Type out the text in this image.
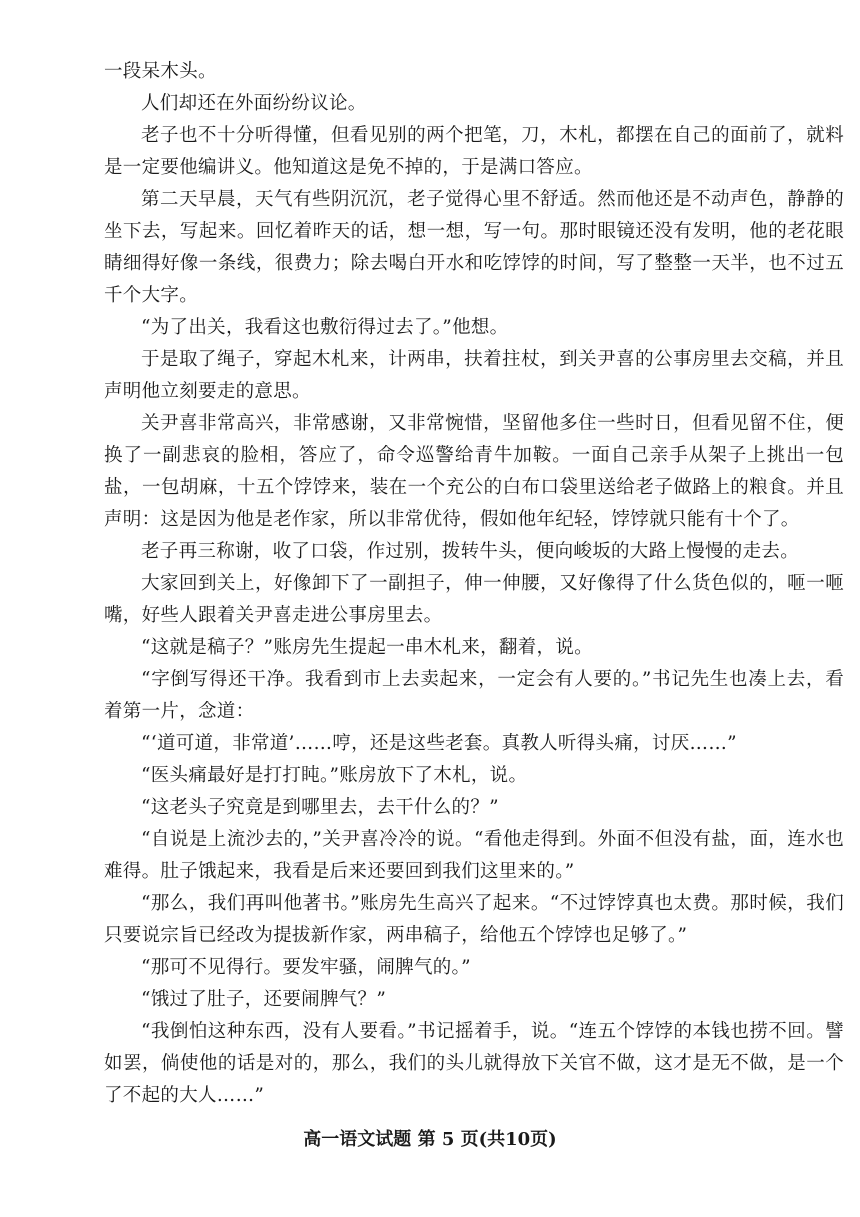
一段呆木头。

人们却还在外面纷纷议论。

老子也不十分听得懂，但看见别的两个把笔，刀，木札，都摆在自己的面前了，就料是一定要他编讲义。他知道这是免不掉的，于是满口答应。

第二天早晨，天气有些阴沉沉，老子觉得心里不舒适。然而他还是不动声色，静静的坐下去，写起来。回忆着昨天的话，想一想，写一句。那时眼镜还没有发明，他的老花眼睛细得好像一条线，很费力；除去喝白开水和吃饽饽的时间，写了整整一天半，也不过五千个大字。

“为了出关，我看这也敷衍得过去了。”他想。

于是取了绳子，穿起木札来，计两串，扶着拄杖，到关尹喜的公事房里去交稿，并且声明他立刻要走的意思。

关尹喜非常高兴，非常感谢，又非常惋惜，坚留他多住一些时日，但看见留不住，便换了一副悲哀的脸相，答应了，命令巡警给青牛加鞍。一面自己亲手从架子上挑出一包盐，一包胡麻，十五个饽饽来，装在一个充公的白布口袋里送给老子做路上的粮食。并且声明：这是因为他是老作家，所以非常优待，假如他年纪轻，饽饽就只能有十个了。

老子再三称谢，收了口袋，作过别，拨转牛头，便向峻坂的大路上慢慢的走去。

大家回到关上，好像卸下了一副担子，伸一伸腰，又好像得了什么货色似的，咂一咂嘴，好些人跟着关尹喜走进公事房里去。

“这就是稿子？”账房先生提起一串木札来，翻着，说。

“字倒写得还干净。我看到市上去卖起来，一定会有人要的。”书记先生也凑上去，看着第一片，念道：

“‘道可道，非常道’……哼，还是这些老套。真教人听得头痛，讨厌……”

“医头痛最好是打打盹。”账房放下了木札，说。

“这老头子究竟是到哪里去，去干什么的？”

“自说是上流沙去的，”关尹喜冷冷的说。“看他走得到。外面不但没有盐，面，连水也难得。肚子饿起来，我看是后来还要回到我们这里来的。”

“那么，我们再叫他著书。”账房先生高兴了起来。“不过饽饽真也太费。那时候，我们只要说宗旨已经改为提拔新作家，两串稿子，给他五个饽饽也足够了。”

“那可不见得行。要发牢骚，闹脾气的。”

“饿过了肚子，还要闹脾气？”

“我倒怕这种东西，没有人要看。”书记摇着手，说。“连五个饽饽的本钱也捞不回。譬如罢，倘使他的话是对的，那么，我们的头儿就得放下关官不做，这才是无不做，是一个了不起的大人……”

高一语文试题 第 5 页(共10页)
